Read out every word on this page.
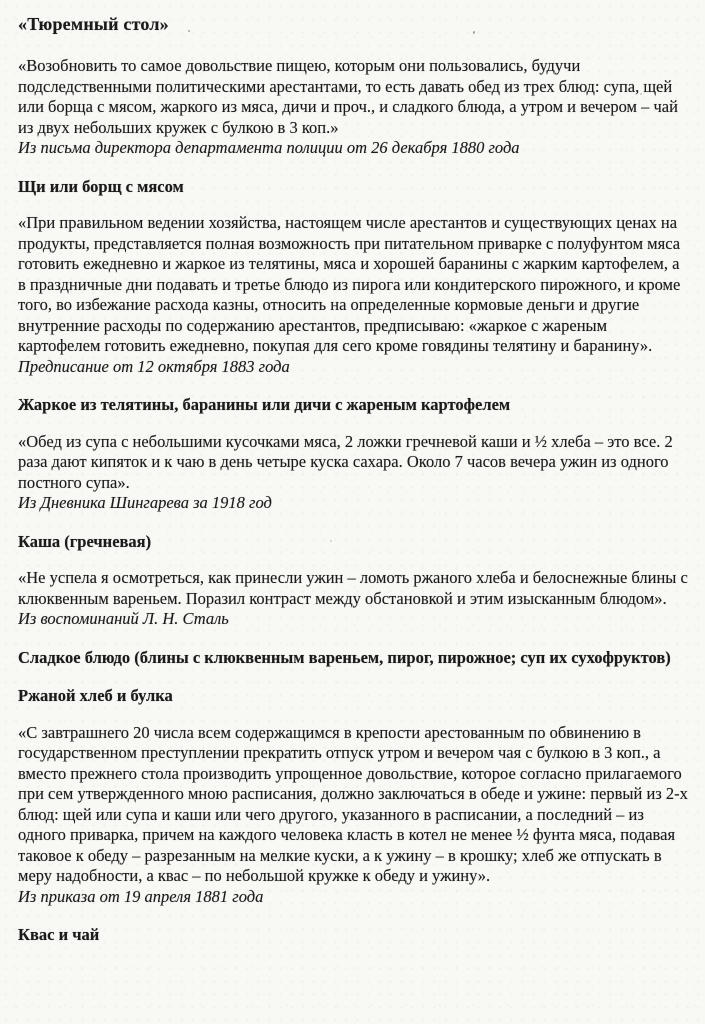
«Тюремный стол»

«Возобновить то самое довольствие пищею, которым они пользовались, будучи подследственными политическими арестантами, то есть давать обед из трех блюд: супа, щей или борща с мясом, жаркого из мяса, дичи и проч., и сладкого блюда, а утром и вечером – чай из двух небольших кружек с булкою в 3 коп.»

Из письма директора департамента полиции от 26 декабря 1880 года

Щи или борщ с мясом

«При правильном ведении хозяйства, настоящем числе арестантов и существующих ценах на продукты, представляется полная возможность при питательном приварке с полуфунтом мяса готовить ежедневно и жаркое из телятины, мяса и хорошей баранины с жарким картофелем, а в праздничные дни подавать и третье блюдо из пирога или кондитерского пирожного, и кроме того, во избежание расхода казны, относить на определенные кормовые деньги и другие внутренние расходы по содержанию арестантов, предписываю: «жаркое с жареным картофелем готовить ежедневно, покупая для сего кроме говядины телятину и баранину».

Предписание от 12 октября 1883 года

Жаркое из телятины, баранины или дичи с жареным картофелем

«Обед из супа с небольшими кусочками мяса, 2 ложки гречневой каши и ½ хлеба – это все. 2 раза дают кипяток и к чаю в день четыре куска сахара. Около 7 часов вечера ужин из одного постного супа».

Из Дневника Шингарева за 1918 год

Каша (гречневая)

«Не успела я осмотреться, как принесли ужин – ломоть ржаного хлеба и белоснежные блины с клюквенным вареньем. Поразил контраст между обстановкой и этим изысканным блюдом».

Из воспоминаний Л. Н. Сталь

Сладкое блюдо (блины с клюквенным вареньем, пирог, пирожное; суп их сухофруктов)
Ржаной хлеб и булка

«С завтрашнего 20 числа всем содержащимся в крепости арестованным по обвинению в государственном преступлении прекратить отпуск утром и вечером чая с булкою в 3 коп., а вместо прежнего стола производить упрощенное довольствие, которое согласно прилагаемого при сем утвержденного мною расписания, должно заключаться в обеде и ужине: первый из 2-х блюд: щей или супа и каши или чего другого, указанного в расписании, а последний – из одного приварка, причем на каждого человека класть в котел не менее ½ фунта мяса, подавая таковое к обеду – разрезанным на мелкие куски, а к ужину – в крошку; хлеб же отпускать в меру надобности, а квас – по небольшой кружке к обеду и ужину».

Из приказа от 19 апреля 1881 года

Квас и чай
